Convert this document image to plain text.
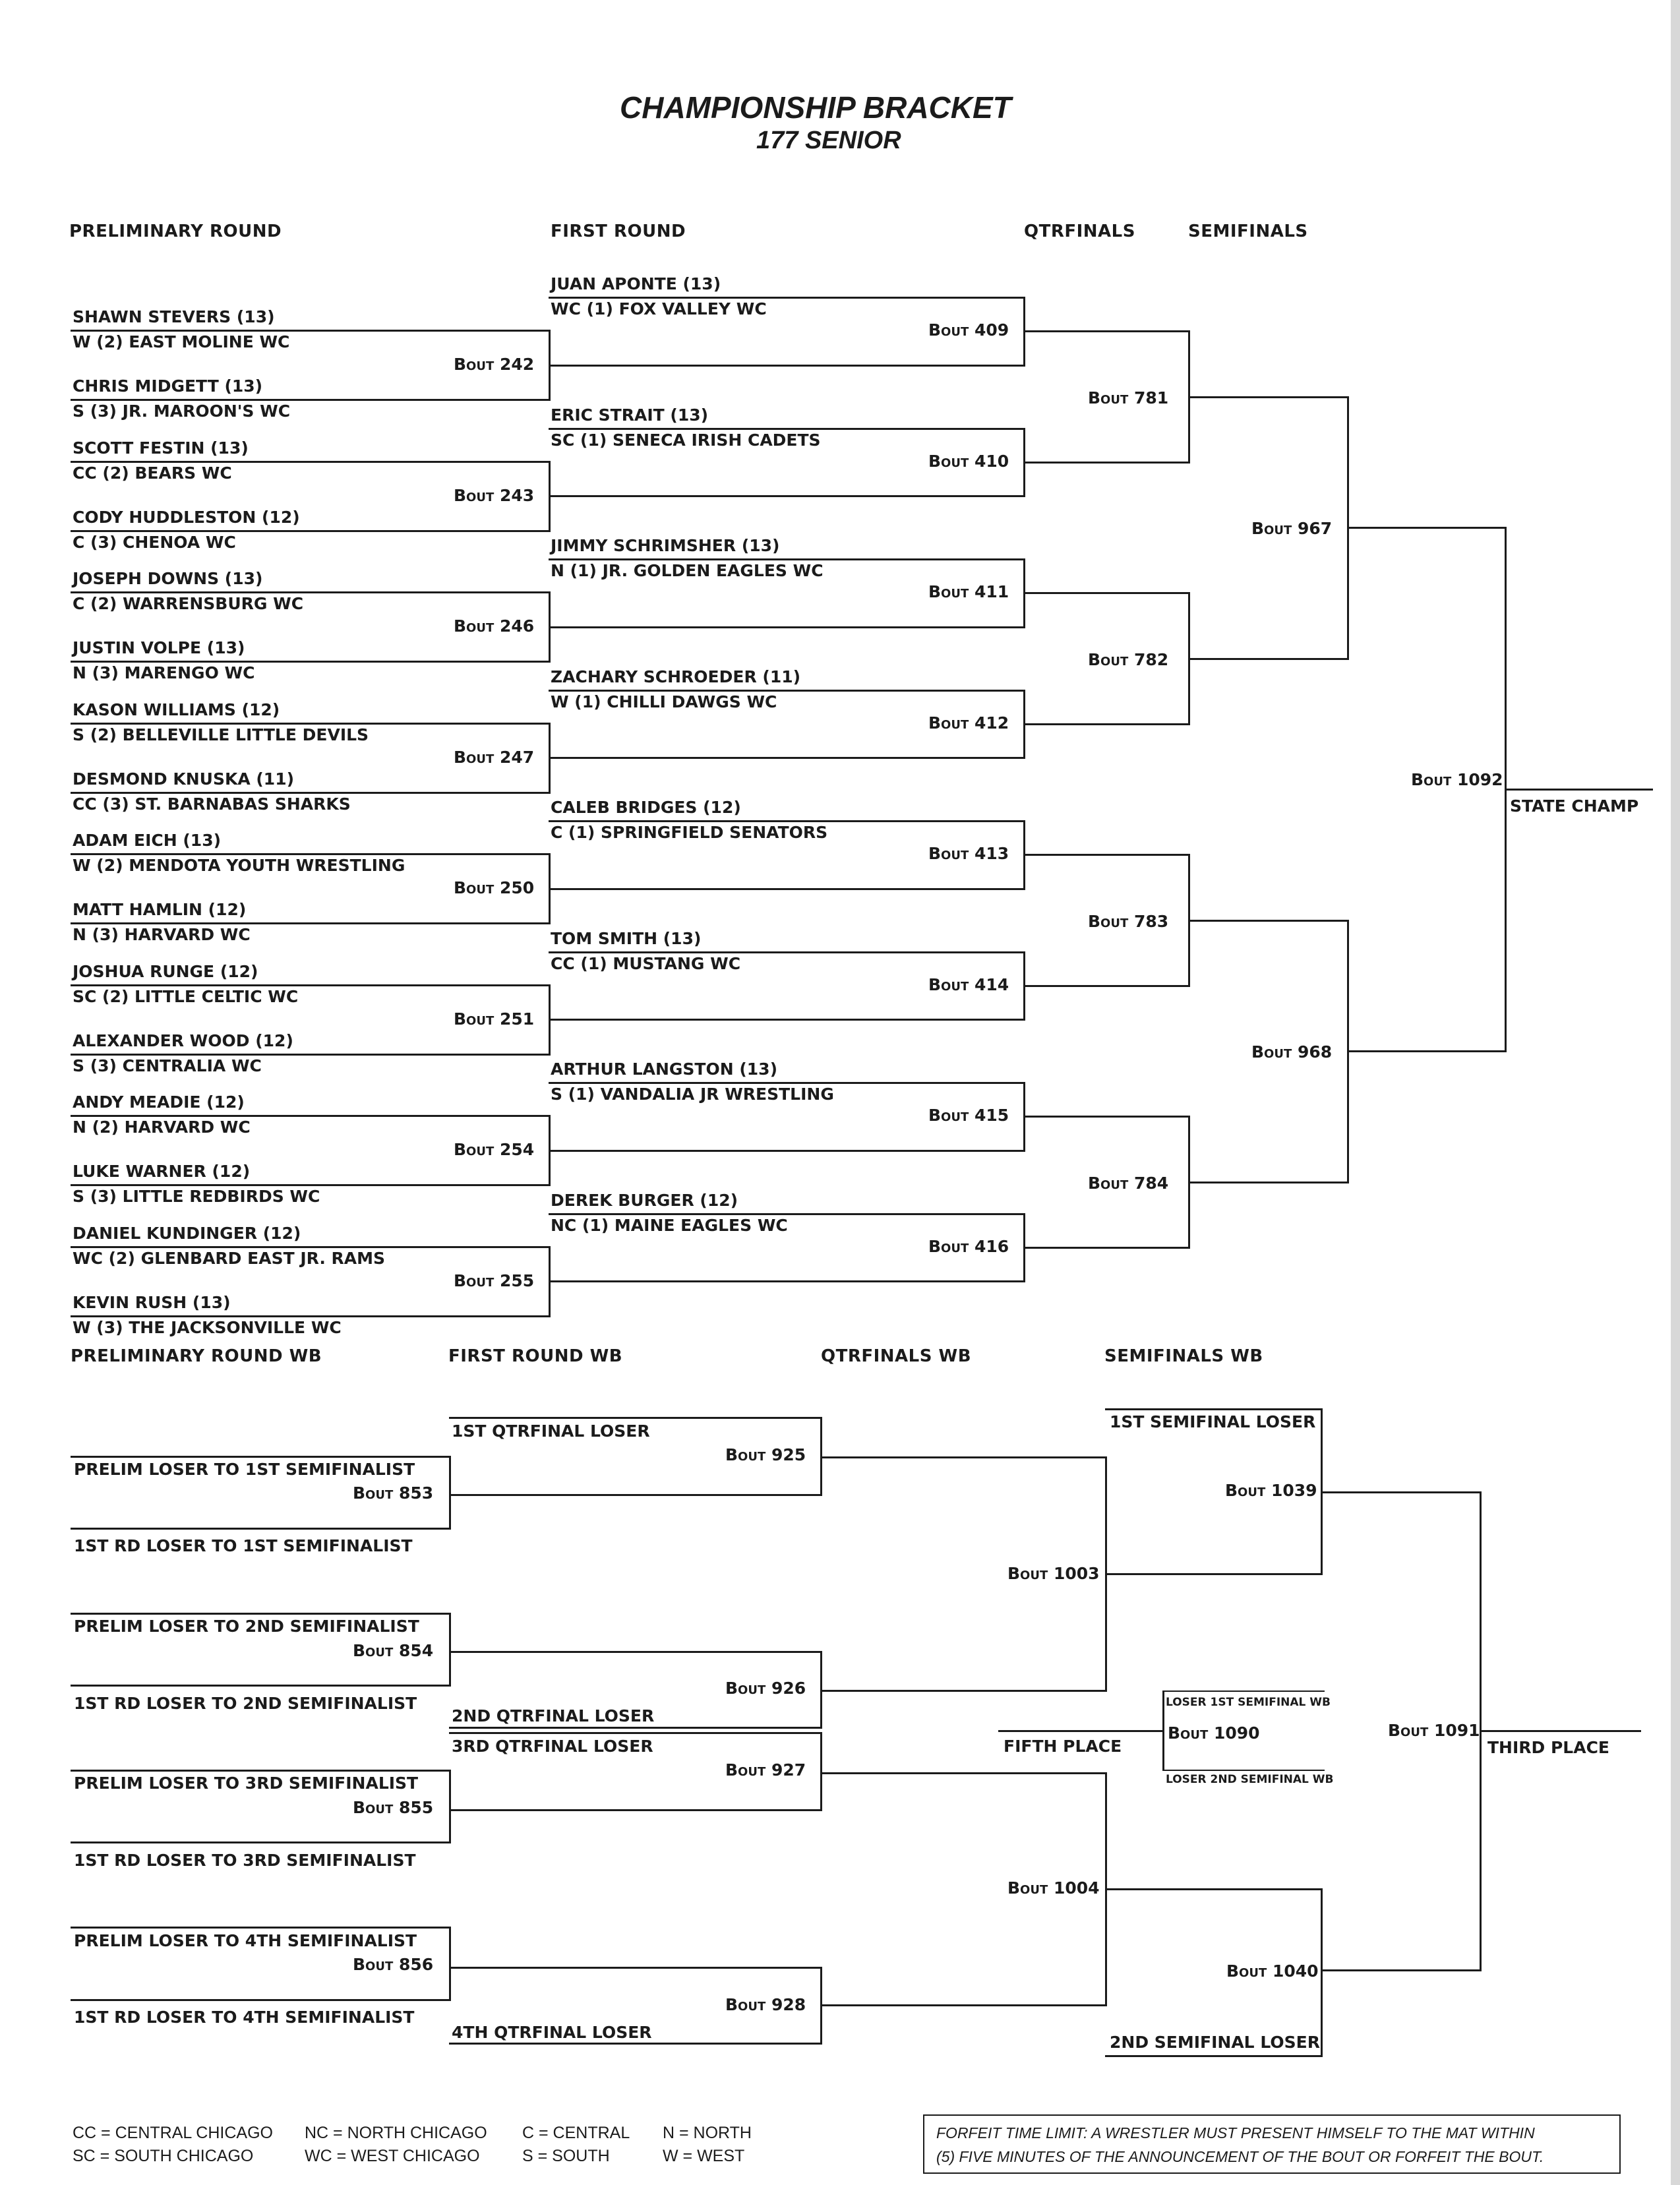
CHAMPIONSHIP BRACKET
177 SENIOR
PRELIMINARY ROUND	FIRST ROUND	QTRFINALS	SEMIFINALS
SHAWN STEVERS (13)
W (2) EAST MOLINE WC
CHRIS MIDGETT (13)
S (3) JR. MAROON'S WC
Bout 242
SCOTT FESTIN (13)
CC (2) BEARS WC
CODY HUDDLESTON (12)
C (3) CHENOA WC
Bout 243
JOSEPH DOWNS (13)
C (2) WARRENSBURG WC
JUSTIN VOLPE (13)
N (3) MARENGO WC
Bout 246
KASON WILLIAMS (12)
S (2) BELLEVILLE LITTLE DEVILS
DESMOND KNUSKA (11)
CC (3) ST. BARNABAS SHARKS
Bout 247
ADAM EICH (13)
W (2) MENDOTA YOUTH WRESTLING
MATT HAMLIN (12)
N (3) HARVARD WC
Bout 250
JOSHUA RUNGE (12)
SC (2) LITTLE CELTIC WC
ALEXANDER WOOD (12)
S (3) CENTRALIA WC
Bout 251
ANDY MEADIE (12)
N (2) HARVARD WC
LUKE WARNER (12)
S (3) LITTLE REDBIRDS WC
Bout 254
DANIEL KUNDINGER (12)
WC (2) GLENBARD EAST JR. RAMS
KEVIN RUSH (13)
W (3) THE JACKSONVILLE WC
Bout 255
JUAN APONTE (13)
WC (1) FOX VALLEY WC
Bout 409
ERIC STRAIT (13)
SC (1) SENECA IRISH CADETS
Bout 410
JIMMY SCHRIMSHER (13)
N (1) JR. GOLDEN EAGLES WC
Bout 411
ZACHARY SCHROEDER (11)
W (1) CHILLI DAWGS WC
Bout 412
CALEB BRIDGES (12)
C (1) SPRINGFIELD SENATORS
Bout 413
TOM SMITH (13)
CC (1) MUSTANG WC
Bout 414
ARTHUR LANGSTON (13)
S (1) VANDALIA JR WRESTLING
Bout 415
DEREK BURGER (12)
NC (1) MAINE EAGLES WC
Bout 416
Bout 781
Bout 782
Bout 783
Bout 784
Bout 967
Bout 968
Bout 1092
STATE CHAMP
PRELIMINARY ROUND WB	FIRST ROUND WB	QTRFINALS WB	SEMIFINALS WB
PRELIM LOSER TO 1ST SEMIFINALIST
Bout 853
1ST RD LOSER TO 1ST SEMIFINALIST
PRELIM LOSER TO 2ND SEMIFINALIST
Bout 854
1ST RD LOSER TO 2ND SEMIFINALIST
PRELIM LOSER TO 3RD SEMIFINALIST
Bout 855
1ST RD LOSER TO 3RD SEMIFINALIST
PRELIM LOSER TO 4TH SEMIFINALIST
Bout 856
1ST RD LOSER TO 4TH SEMIFINALIST
1ST QTRFINAL LOSER
Bout 925
Bout 926
2ND QTRFINAL LOSER
3RD QTRFINAL LOSER
Bout 927
Bout 928
4TH QTRFINAL LOSER
Bout 1003
Bout 1004
1ST SEMIFINAL LOSER
Bout 1039
Bout 1040
2ND SEMIFINAL LOSER
Bout 1091
THIRD PLACE
FIFTH PLACE
LOSER 1ST SEMIFINAL WB
Bout 1090
LOSER 2ND SEMIFINAL WB
CC = CENTRAL CHICAGO
SC = SOUTH CHICAGO
NC = NORTH CHICAGO
WC = WEST CHICAGO
C = CENTRAL
S = SOUTH
N = NORTH
W = WEST
FORFEIT TIME LIMIT: A WRESTLER MUST PRESENT HIMSELF TO THE MAT WITHIN
(5) FIVE MINUTES OF THE ANNOUNCEMENT OF THE BOUT OR FORFEIT THE BOUT.
